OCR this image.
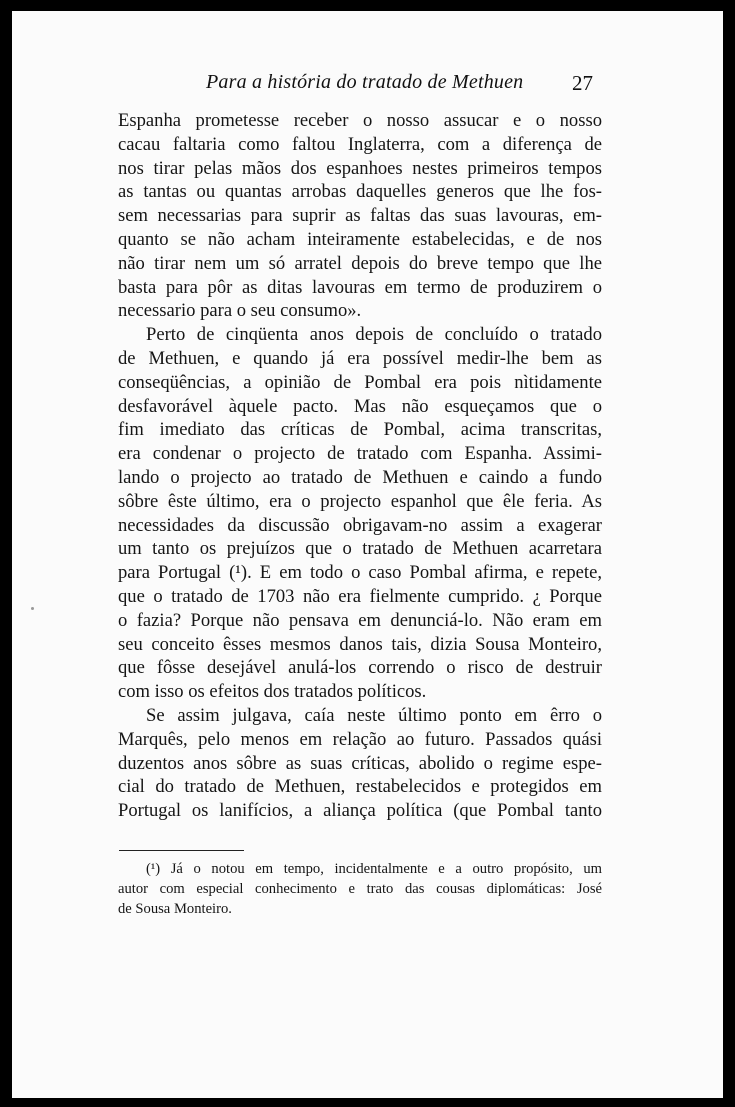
Para a história do tratado de Methuen 27
Espanha prometesse receber o nosso assucar e o nosso
cacau faltaria como faltou Inglaterra, com a diferença de
nos tirar pelas mãos dos espanhoes nestes primeiros tempos
as tantas ou quantas arrobas daquelles generos que lhe fos-
sem necessarias para suprir as faltas das suas lavouras, em-
quanto se não acham inteiramente estabelecidas, e de nos
não tirar nem um só arratel depois do breve tempo que lhe
basta para pôr as ditas lavouras em termo de produzirem o
necessario para o seu consumo».
Perto de cinqüenta anos depois de concluído o tratado
de Methuen, e quando já era possível medir-lhe bem as
conseqüências, a opinião de Pombal era pois nìtidamente
desfavorável àquele pacto. Mas não esqueçamos que o
fim imediato das críticas de Pombal, acima transcritas,
era condenar o projecto de tratado com Espanha. Assimi-
lando o projecto ao tratado de Methuen e caindo a fundo
sôbre êste último, era o projecto espanhol que êle feria. As
necessidades da discussão obrigavam-no assim a exagerar
um tanto os prejuízos que o tratado de Methuen acarretara
para Portugal (¹). E em todo o caso Pombal afirma, e repete,
que o tratado de 1703 não era fielmente cumprido. ¿ Porque
o fazia? Porque não pensava em denunciá-lo. Não eram em
seu conceito êsses mesmos danos tais, dizia Sousa Monteiro,
que fôsse desejável anulá-los correndo o risco de destruir
com isso os efeitos dos tratados políticos.
Se assim julgava, caía neste último ponto em êrro o
Marquês, pelo menos em relação ao futuro. Passados quási
duzentos anos sôbre as suas críticas, abolido o regime espe-
cial do tratado de Methuen, restabelecidos e protegidos em
Portugal os lanifícios, a aliança política (que Pombal tanto
(¹) Já o notou em tempo, incidentalmente e a outro propósito, um
autor com especial conhecimento e trato das cousas diplomáticas: José
de Sousa Monteiro.
